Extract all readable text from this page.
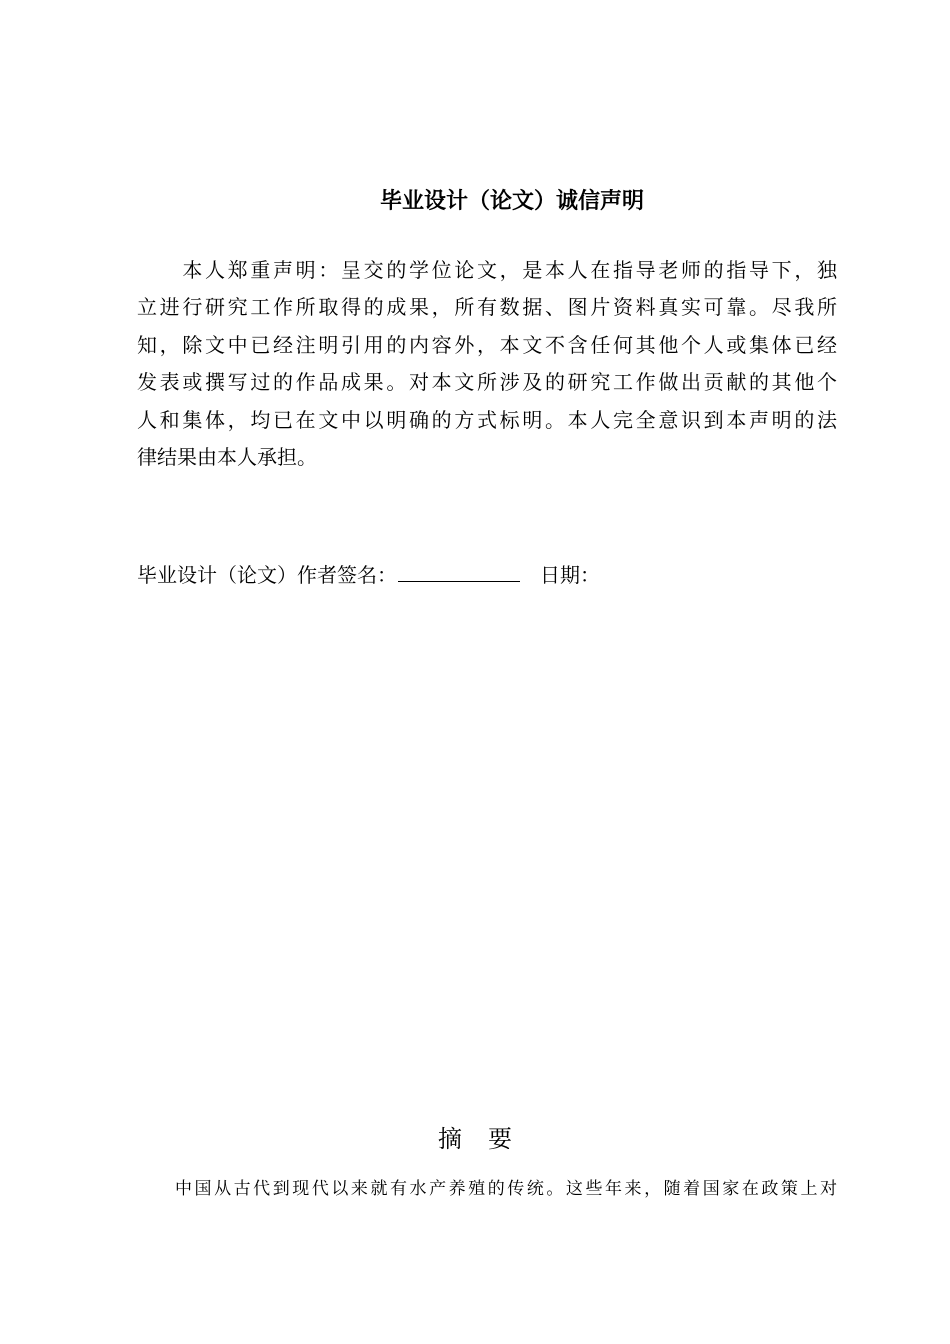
毕业设计（论文）诚信声明
　　本人郑重声明：呈交的学位论文，是本人在指导老师的指导下，独
立进行研究工作所取得的成果，所有数据、图片资料真实可靠。尽我所
知，除文中已经注明引用的内容外，本文不含任何其他个人或集体已经
发表或撰写过的作品成果。对本文所涉及的研究工作做出贡献的其他个
人和集体，均已在文中以明确的方式标明。本人完全意识到本声明的法
律结果由本人承担。
毕业设计（论文）作者签名：	日期：
摘要
中国从古代到现代以来就有水产养殖的传统。这些年来，随着国家在政策上对
